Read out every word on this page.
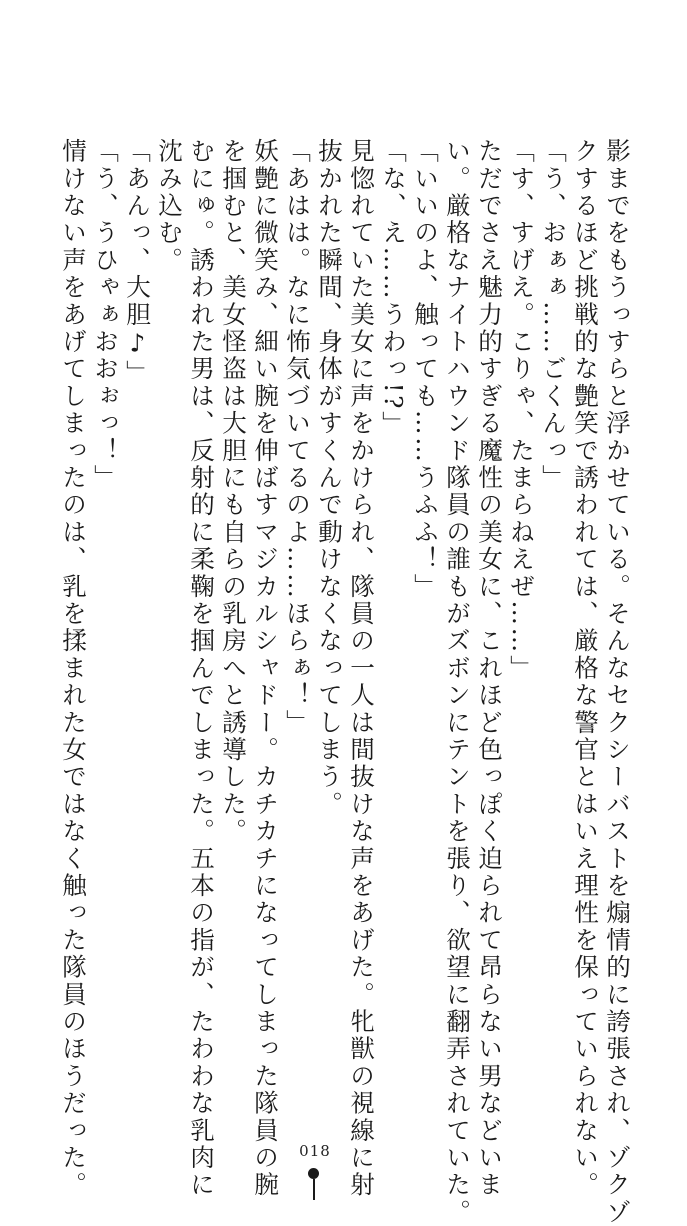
影までをもうっすらと浮かせている。そんなセクシーバストを煽情的に誇張され、ゾクゾ
クするほど挑戦的な艶笑で誘われては、厳格な警官とはいえ理性を保っていられない。
「う、おぁぁ……ごくんっ」
「す、すげえ。こりゃ、たまらねえぜ……」
ただでさえ魅力的すぎる魔性の美女に、これほど色っぽく迫られて昂らない男などいま
い。厳格なナイトハウンド隊員の誰もがズボンにテントを張り、欲望に翻弄されていた。
「いいのよ、触っても……うふふ！」
「な、え……うわっ!?」
見惚れていた美女に声をかけられ、隊員の一人は間抜けな声をあげた。牝獣の視線に射
抜かれた瞬間、身体がすくんで動けなくなってしまう。
「あはは。なに怖気づいてるのよ……ほらぁ！」
妖艶に微笑み、細い腕を伸ばすマジカルシャドー。カチカチになってしまった隊員の腕
を掴むと、美女怪盗は大胆にも自らの乳房へと誘導した。
むにゅ。誘われた男は、反射的に柔鞠を掴んでしまった。五本の指が、たわわな乳肉に
沈み込む。
「あんっ、大胆♪」
「う、うひゃぁおおぉっ！」
情けない声をあげてしまったのは、乳を揉まれた女ではなく触った隊員のほうだった。	018
